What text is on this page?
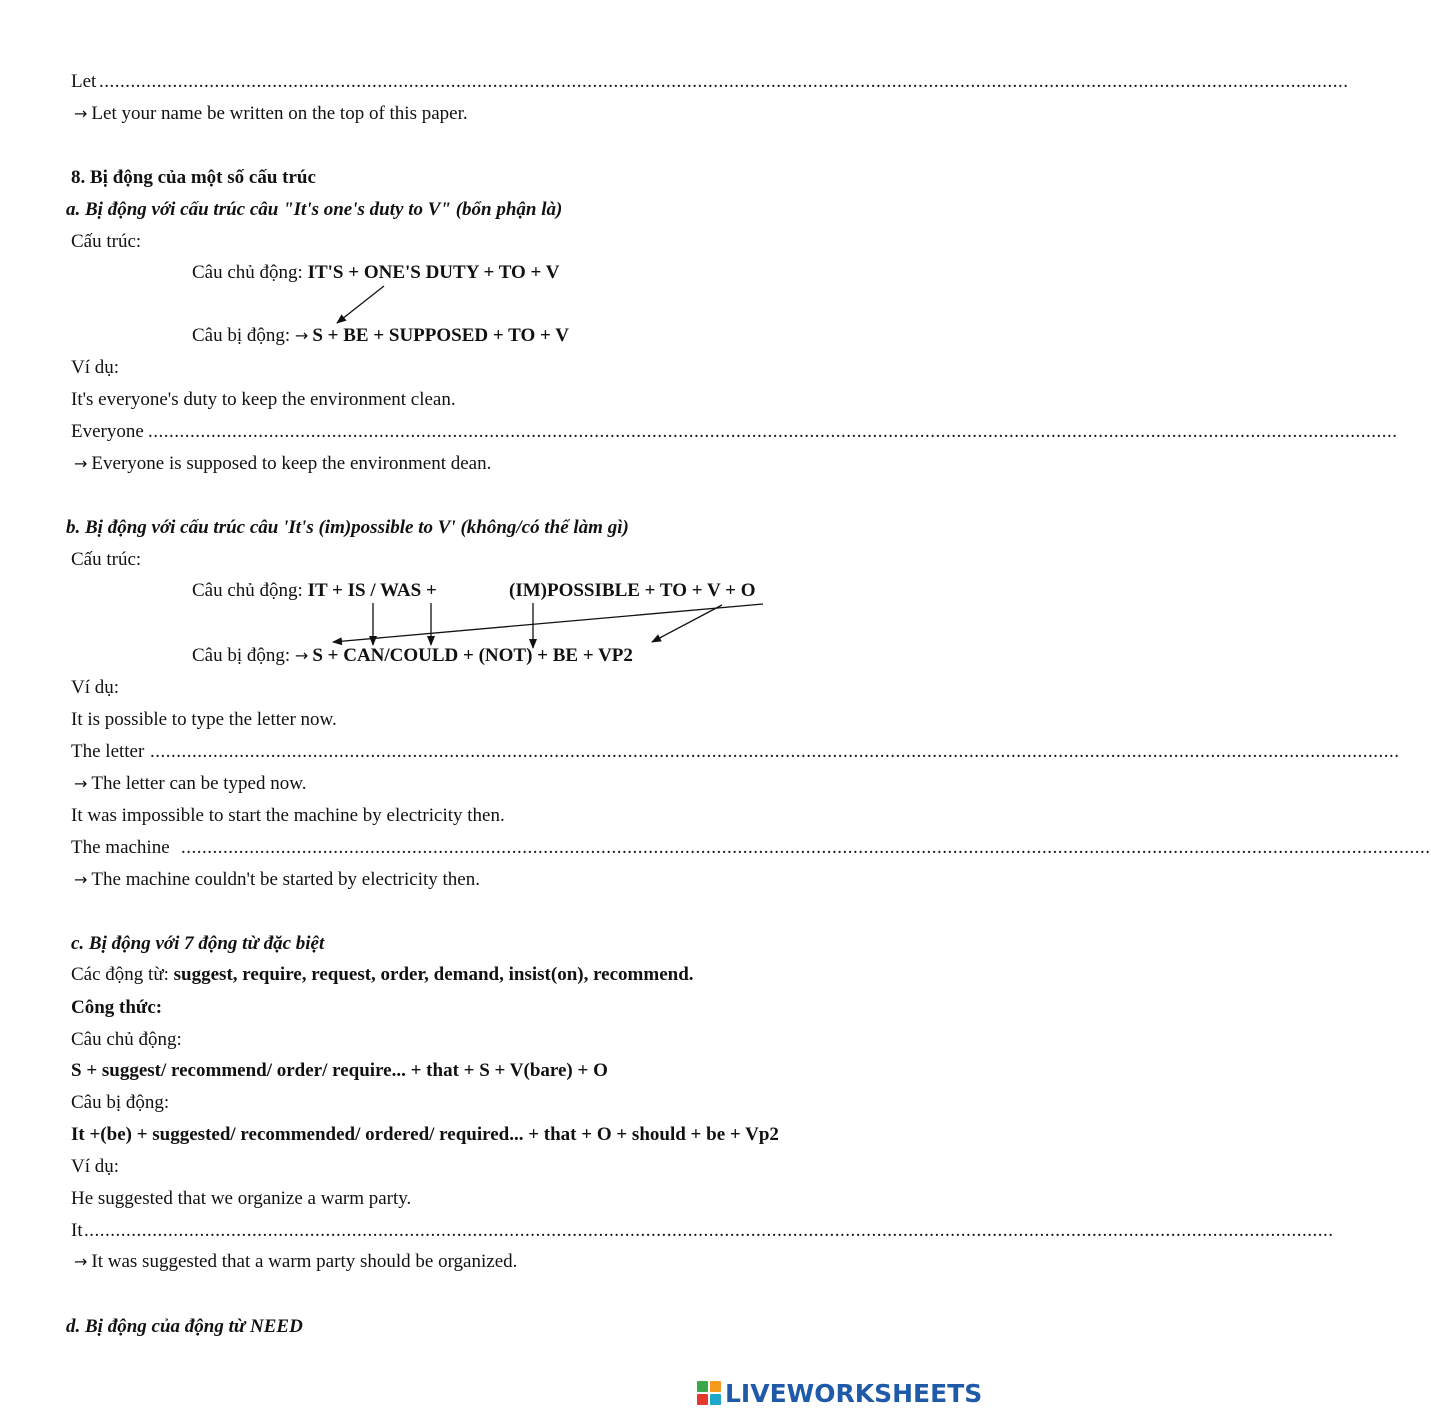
Let ..............................................................................................................................................................................................................................................
→ Let your name be written on the top of this paper.
8. Bị động của một số cấu trúc
a. Bị động với cấu trúc câu "It's one's duty to V" (bổn phận là)
Cấu trúc:
Câu chủ động: IT'S + ONE'S DUTY + TO + V
Câu bị động: → S + BE + SUPPOSED + TO + V
Ví dụ:
It's everyone's duty to keep the environment clean.
Everyone ..............................................................................................................................................................................................................................................
→ Everyone is supposed to keep the environment dean.
b. Bị động với cấu trúc câu 'It's (im)possible to V' (không/có thể làm gì)
Cấu trúc:
Câu chủ động: IT + IS / WAS +	(IM)POSSIBLE + TO + V + O
Câu bị động: → S + CAN/COULD + (NOT) + BE + VP2
Ví dụ:
It is possible to type the letter now.
The letter ..............................................................................................................................................................................................................................................
→ The letter can be typed now.
It was impossible to start the machine by electricity then.
The machine ..............................................................................................................................................................................................................................................
→ The machine couldn't be started by electricity then.
c. Bị động với 7 động từ đặc biệt
Các động từ: suggest, require, request, order, demand, insist(on), recommend.
Công thức:
Câu chủ động:
S + suggest/ recommend/ order/ require... + that + S + V(bare) + O
Câu bị động:
It +(be) + suggested/ recommended/ ordered/ required... + that + O + should + be + Vp2
Ví dụ:
He suggested that we organize a warm party.
It ..............................................................................................................................................................................................................................................
→ It was suggested that a warm party should be organized.
d. Bị động của động từ NEED
LIVEWORKSHEETS
